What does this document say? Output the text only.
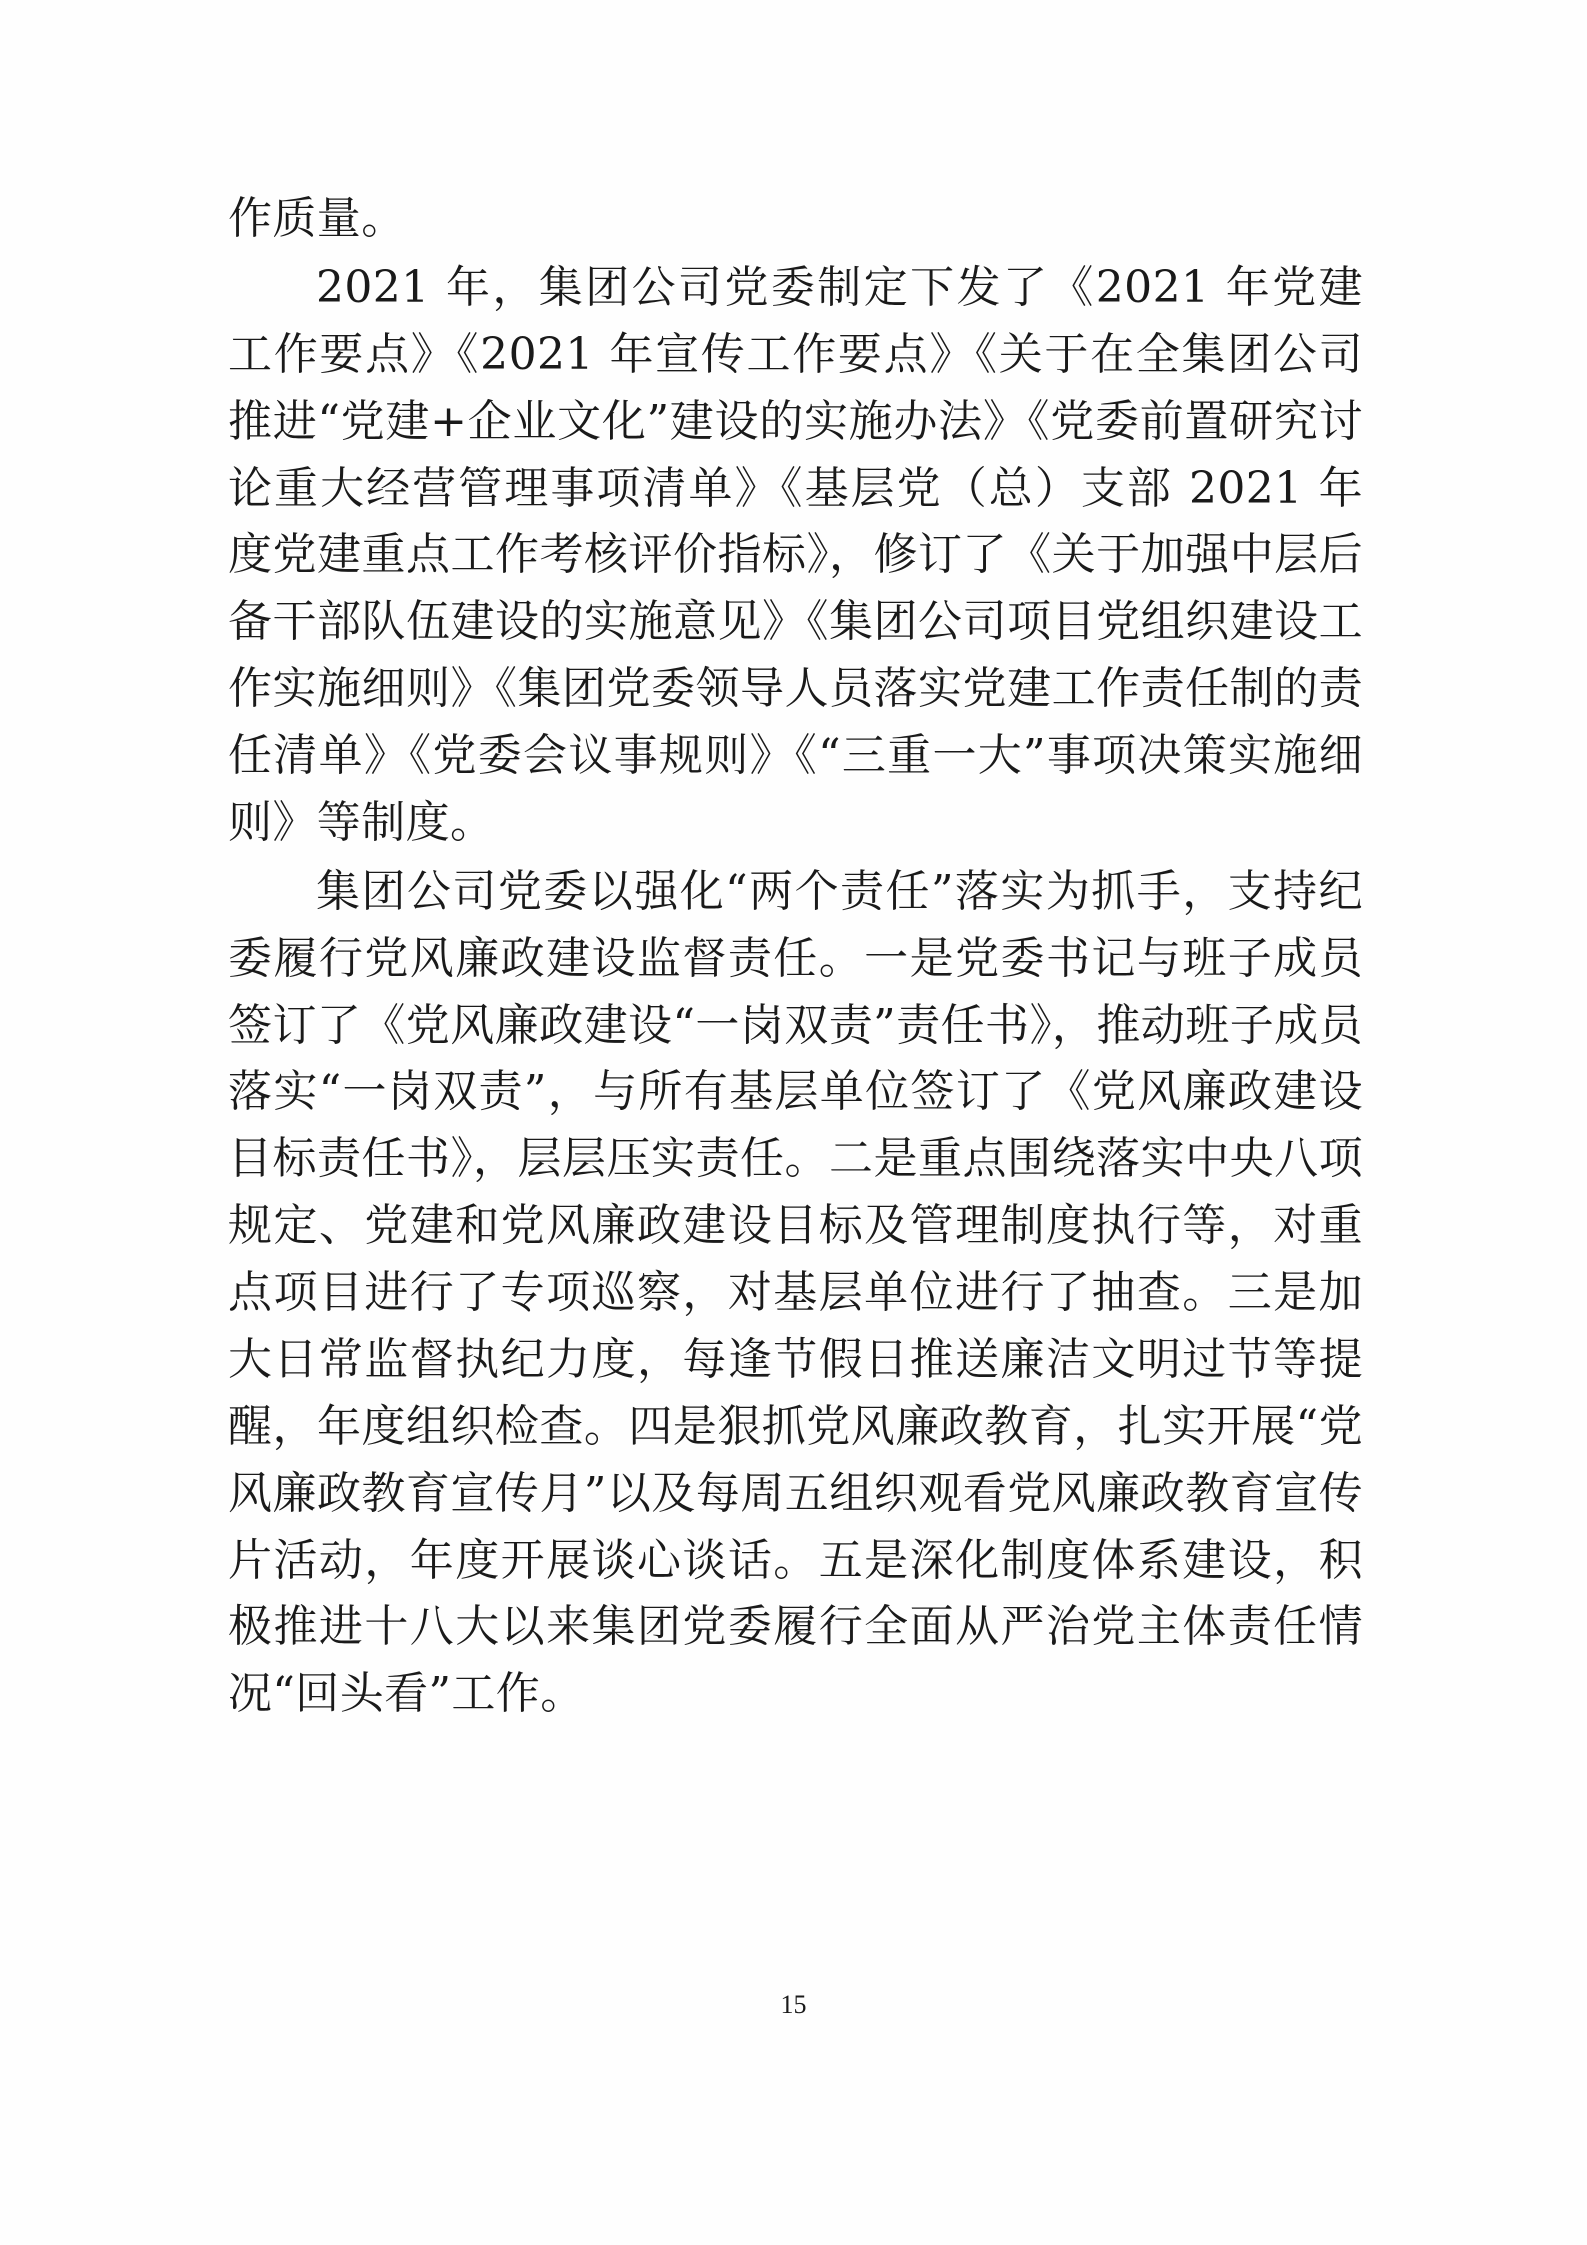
作质量。

2021 年，集团公司党委制定下发了《2021 年党建工作要点》《2021 年宣传工作要点》《关于在全集团公司推进“党建+企业文化”建设的实施办法》《党委前置研究讨论重大经营管理事项清单》《基层党（总）支部 2021 年度党建重点工作考核评价指标》，修订了《关于加强中层后备干部队伍建设的实施意见》《集团公司项目党组织建设工作实施细则》《集团党委领导人员落实党建工作责任制的责任清单》《党委会议事规则》《“三重一大”事项决策实施细则》等制度。

集团公司党委以强化“两个责任”落实为抓手，支持纪委履行党风廉政建设监督责任。一是党委书记与班子成员签订了《党风廉政建设“一岗双责”责任书》，推动班子成员落实“一岗双责”，与所有基层单位签订了《党风廉政建设目标责任书》，层层压实责任。二是重点围绕落实中央八项规定、党建和党风廉政建设目标及管理制度执行等，对重点项目进行了专项巡察，对基层单位进行了抽查。三是加大日常监督执纪力度，每逢节假日推送廉洁文明过节等提醒，年度组织检查。四是狠抓党风廉政教育，扎实开展“党风廉政教育宣传月”以及每周五组织观看党风廉政教育宣传片活动，年度开展谈心谈话。五是深化制度体系建设，积极推进十八大以来集团党委履行全面从严治党主体责任情况“回头看”工作。

15
